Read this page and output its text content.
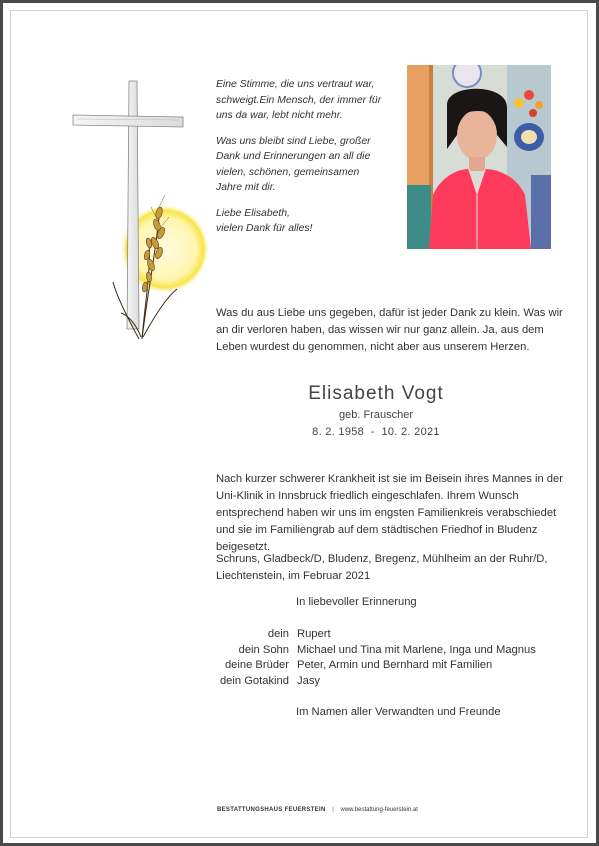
Eine Stimme, die uns vertraut war,
schweigt.Ein Mensch, der immer für
uns da war, lebt nicht mehr.

Was uns bleibt sind Liebe, großer
Dank und Erinnerungen an all die
vielen, schönen, gemeinsamen
Jahre mit dir.

Liebe Elisabeth,
vielen Dank für alles!

Was du aus Liebe uns gegeben, dafür ist jeder Dank zu klein. Was wir an dir verloren haben, das wissen wir nur ganz allein. Ja, aus dem Leben wurdest du genommen, nicht aber aus unserem Herzen.
Elisabeth Vogt
geb. Frauscher
8. 2. 1958  -  10. 2. 2021
Nach kurzer schwerer Krankheit ist sie im Beisein ihres Mannes in der Uni-Klinik in Innsbruck friedlich eingeschlafen. Ihrem Wunsch entsprechend haben wir uns im engsten Familienkreis verabschiedet und sie im Familiengrab auf dem städtischen Friedhof in Bludenz beigesetzt.
Schruns, Gladbeck/D, Bludenz, Bregenz, Mühlheim an der Ruhr/D, Liechtenstein, im Februar 2021
In liebevoller Erinnerung
dein Rupert
dein Sohn Michael und Tina mit Marlene, Inga und Magnus
deine Brüder Peter, Armin und Bernhard mit Familien
dein Gotakind Jasy
Im Namen aller Verwandten und Freunde
BESTATTUNGSHAUS FEUERSTEIN | www.bestattung-feuerstein.at
